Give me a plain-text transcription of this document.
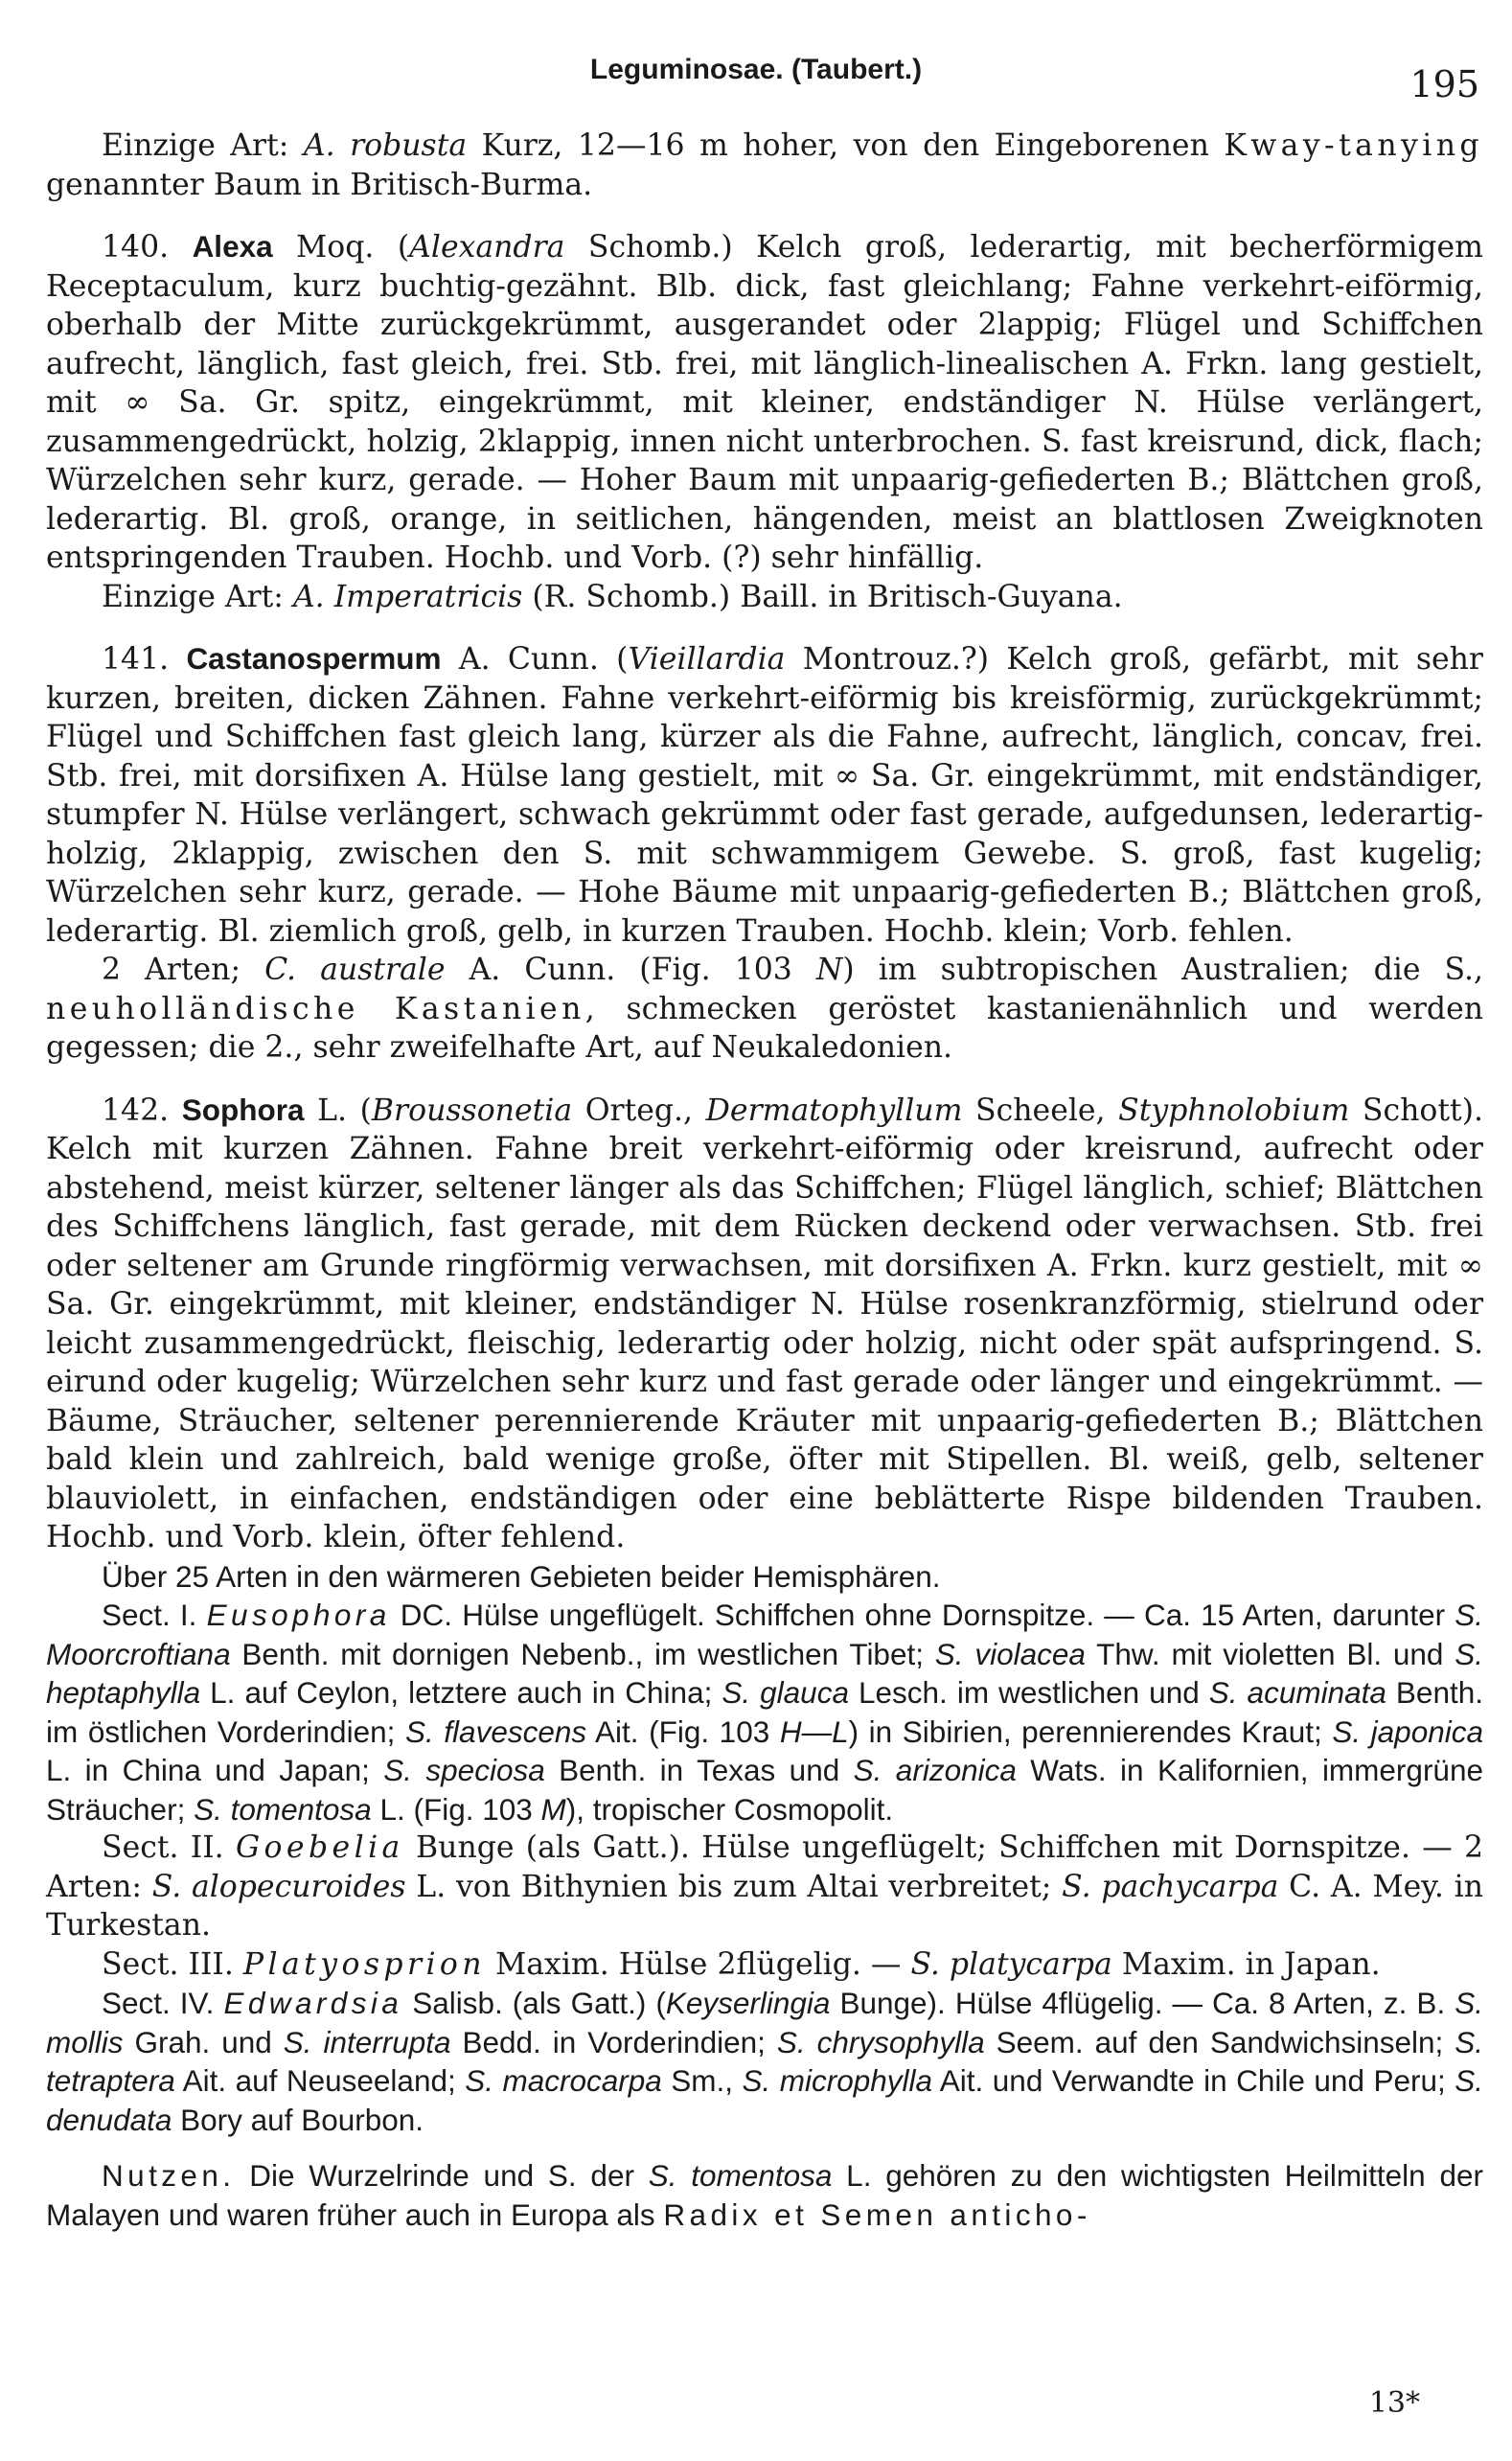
Leguminosae. (Taubert.)	195

Einzige Art: A. robusta Kurz, 12—16 m hoher, von den Eingeborenen Kway-tanying genannter Baum in Britisch-Burma.

140. Alexa Moq. (Alexandra Schomb.) Kelch groß, lederartig, mit becherförmigem Receptaculum, kurz buchtig-gezähnt. Blb. dick, fast gleichlang; Fahne verkehrt-eiförmig, oberhalb der Mitte zurückgekrümmt, ausgerandet oder 2lappig; Flügel und Schiffchen aufrecht, länglich, fast gleich, frei. Stb. frei, mit länglich-linealischen A. Frkn. lang gestielt, mit ∞ Sa. Gr. spitz, eingekrümmt, mit kleiner, endständiger N. Hülse verlängert, zusammengedrückt, holzig, 2klappig, innen nicht unterbrochen. S. fast kreisrund, dick, flach; Würzelchen sehr kurz, gerade. — Hoher Baum mit unpaarig-gefiederten B.; Blättchen groß, lederartig. Bl. groß, orange, in seitlichen, hängenden, meist an blattlosen Zweigknoten entspringenden Trauben. Hochb. und Vorb. (?) sehr hinfällig.

Einzige Art: A. Imperatricis (R. Schomb.) Baill. in Britisch-Guyana.

141. Castanospermum A. Cunn. (Vieillardia Montrouz.?) Kelch groß, gefärbt, mit sehr kurzen, breiten, dicken Zähnen. Fahne verkehrt-eiförmig bis kreisförmig, zurückgekrümmt; Flügel und Schiffchen fast gleich lang, kürzer als die Fahne, aufrecht, länglich, concav, frei. Stb. frei, mit dorsifixen A. Hülse lang gestielt, mit ∞ Sa. Gr. eingekrümmt, mit endständiger, stumpfer N. Hülse verlängert, schwach gekrümmt oder fast gerade, aufgedunsen, lederartig-holzig, 2klappig, zwischen den S. mit schwammigem Gewebe. S. groß, fast kugelig; Würzelchen sehr kurz, gerade. — Hohe Bäume mit unpaarig-gefiederten B.; Blättchen groß, lederartig. Bl. ziemlich groß, gelb, in kurzen Trauben. Hochb. klein; Vorb. fehlen.

2 Arten; C. australe A. Cunn. (Fig. 103 N) im subtropischen Australien; die S., neuholländische Kastanien, schmecken geröstet kastanienähnlich und werden gegessen; die 2., sehr zweifelhafte Art, auf Neukaledonien.

142. Sophora L. (Broussonetia Orteg., Dermatophyllum Scheele, Styphnolobium Schott). Kelch mit kurzen Zähnen. Fahne breit verkehrt-eiförmig oder kreisrund, aufrecht oder abstehend, meist kürzer, seltener länger als das Schiffchen; Flügel länglich, schief; Blättchen des Schiffchens länglich, fast gerade, mit dem Rücken deckend oder verwachsen. Stb. frei oder seltener am Grunde ringförmig verwachsen, mit dorsifixen A. Frkn. kurz gestielt, mit ∞ Sa. Gr. eingekrümmt, mit kleiner, endständiger N. Hülse rosenkranzförmig, stielrund oder leicht zusammengedrückt, fleischig, lederartig oder holzig, nicht oder spät aufspringend. S. eirund oder kugelig; Würzelchen sehr kurz und fast gerade oder länger und eingekrümmt. — Bäume, Sträucher, seltener perennierende Kräuter mit unpaarig-gefiederten B.; Blättchen bald klein und zahlreich, bald wenige große, öfter mit Stipellen. Bl. weiß, gelb, seltener blauviolett, in einfachen, endständigen oder eine beblätterte Rispe bildenden Trauben. Hochb. und Vorb. klein, öfter fehlend.

Über 25 Arten in den wärmeren Gebieten beider Hemisphären.

Sect. I. Eusophora DC. Hülse ungeflügelt. Schiffchen ohne Dornspitze. — Ca. 15 Arten, darunter S. Moorcroftiana Benth. mit dornigen Nebenb., im westlichen Tibet; S. violacea Thw. mit violetten Bl. und S. heptaphylla L. auf Ceylon, letztere auch in China; S. glauca Lesch. im westlichen und S. acuminata Benth. im östlichen Vorderindien; S. flavescens Ait. (Fig. 103 H—L) in Sibirien, perennierendes Kraut; S. japonica L. in China und Japan; S. speciosa Benth. in Texas und S. arizonica Wats. in Kalifornien, immergrüne Sträucher; S. tomentosa L. (Fig. 103 M), tropischer Cosmopolit.

Sect. II. Goebelia Bunge (als Gatt.). Hülse ungeflügelt; Schiffchen mit Dornspitze. — 2 Arten: S. alopecuroides L. von Bithynien bis zum Altai verbreitet; S. pachycarpa C. A. Mey. in Turkestan.

Sect. III. Platyosprion Maxim. Hülse 2flügelig. — S. platycarpa Maxim. in Japan.

Sect. IV. Edwardsia Salisb. (als Gatt.) (Keyserlingia Bunge). Hülse 4flügelig. — Ca. 8 Arten, z. B. S. mollis Grah. und S. interrupta Bedd. in Vorderindien; S. chrysophylla Seem. auf den Sandwichsinseln; S. tetraptera Ait. auf Neuseeland; S. macrocarpa Sm., S. microphylla Ait. und Verwandte in Chile und Peru; S. denudata Bory auf Bourbon.

Nutzen. Die Wurzelrinde und S. der S. tomentosa L. gehören zu den wichtigsten Heilmitteln der Malayen und waren früher auch in Europa als Radix et Semen anticho-

13*
